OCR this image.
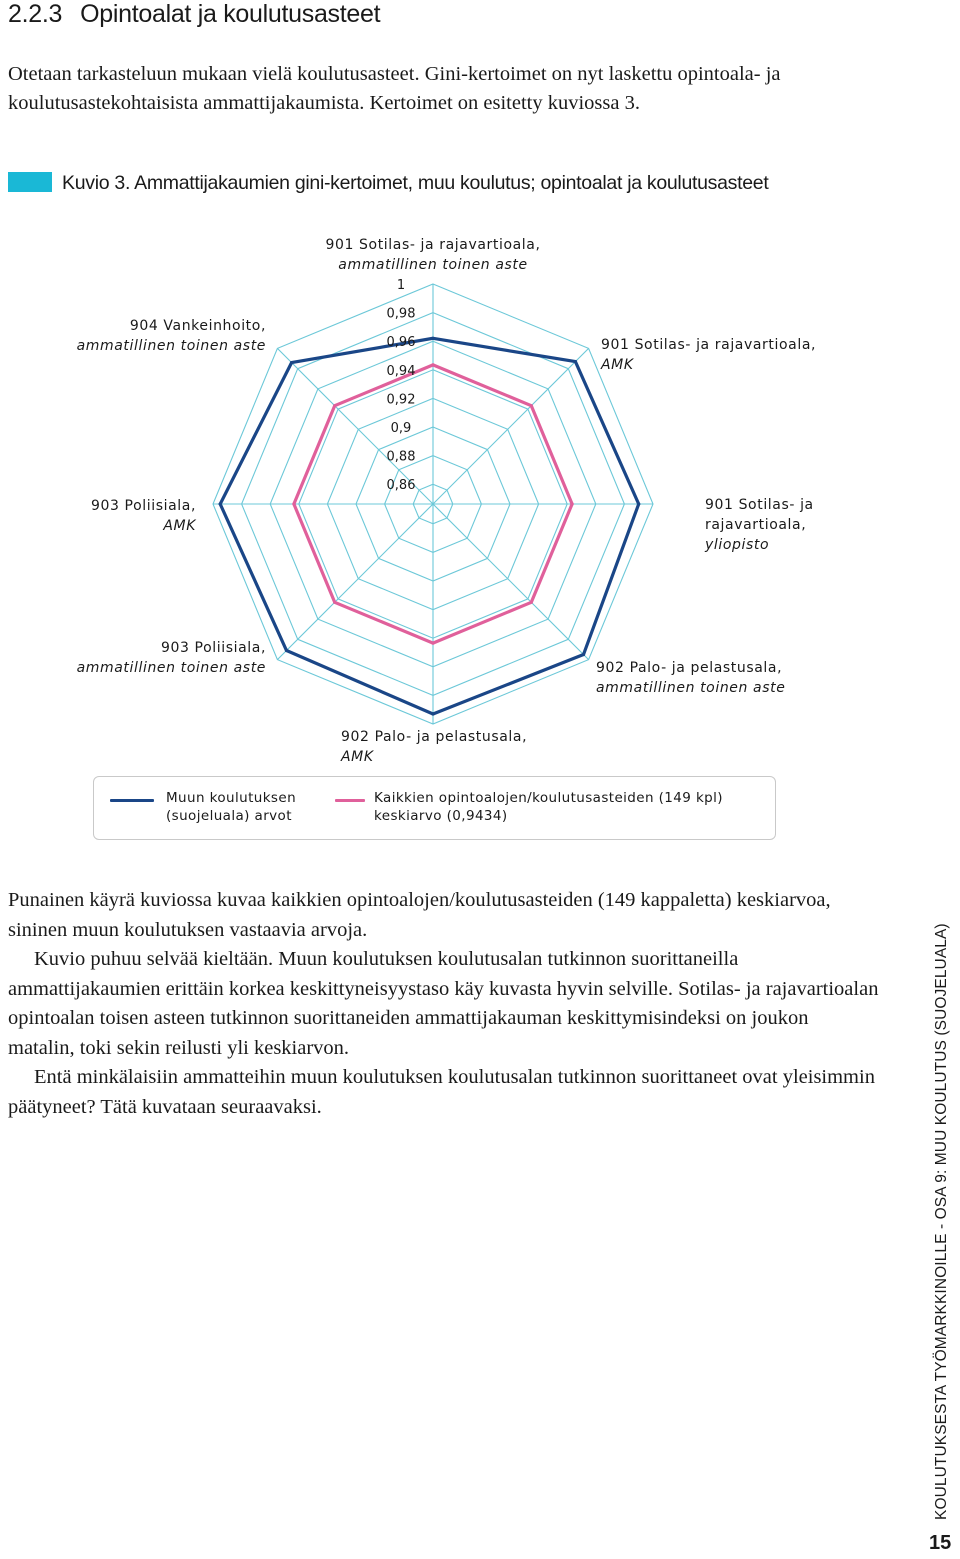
2.2.3 Opintoalat ja koulutusasteet

Otetaan tarkasteluun mukaan vielä koulutusasteet. Gini-kertoimet on nyt laskettu opintoala- ja koulutusastekohtaisista ammattijakaumista. Kertoimet on esitetty kuviossa 3.

Kuvio 3. Ammattijakaumien gini-kertoimet, muu koulutus; opintoalat ja koulutusasteet
0,86
0,88
0,9
0,92
0,94
0,96
0,98
1
901 Sotilas- ja rajavartioala,
ammatillinen toinen aste
901 Sotilas- ja rajavartioala,
AMK
901 Sotilas- ja
rajavartioala,
yliopisto
902 Palo- ja pelastusala,
ammatillinen toinen aste
902 Palo- ja pelastusala,
AMK
903 Poliisiala,
ammatillinen toinen aste
903 Poliisiala,
AMK
904 Vankeinhoito,
ammatillinen toinen aste
Muun koulutuksen
(suojeluala) arvot
Kaikkien opintoalojen/koulutusasteiden (149 kpl)
keskiarvo (0,9434)

Punainen käyrä kuviossa kuvaa kaikkien opintoalojen/koulutusasteiden (149 kappaletta) keskiarvoa, sininen muun koulutuksen vastaavia arvoja.

Kuvio puhuu selvää kieltään. Muun koulutuksen koulutusalan tutkinnon suorittaneilla ammattijakaumien erittäin korkea keskittyneisyystaso käy kuvasta hyvin selville. Sotilas- ja rajavartioalan opintoalan toisen asteen tutkinnon suorittaneiden ammattijakauman keskittymisindeksi on joukon matalin, toki sekin reilusti yli keskiarvon.

Entä minkälaisiin ammatteihin muun koulutuksen koulutusalan tutkinnon suorittaneet ovat yleisimmin päätyneet? Tätä kuvataan seuraavaksi.	KOULUTUKSESTA TYÖMARKKINOILLE - OSA 9: MUU KOULUTUS (SUOJELUALA)
15
